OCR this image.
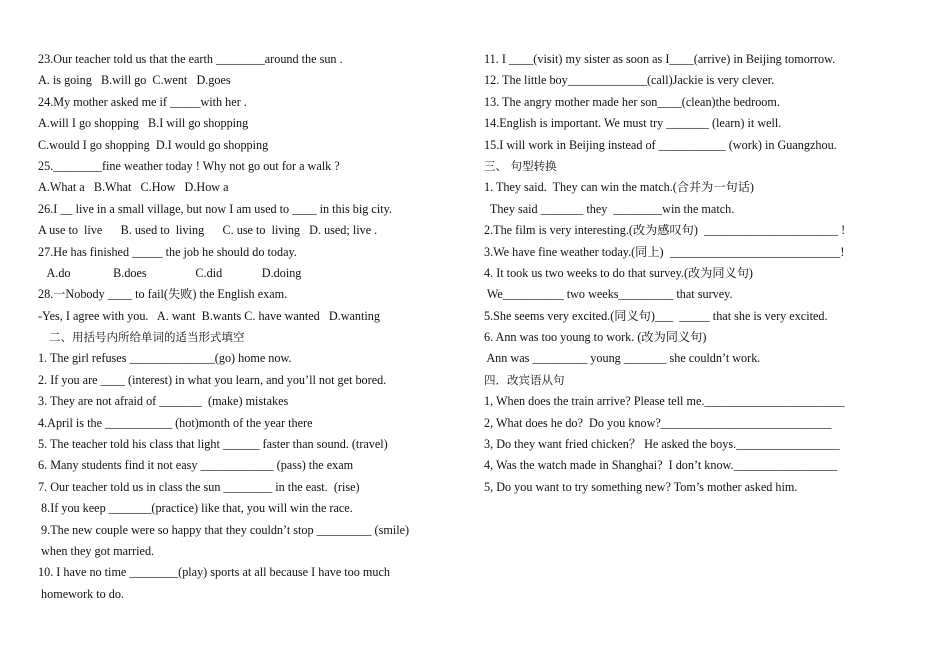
23.Our teacher told us that the earth ________around the sun .
A. is going   B.will go  C.went   D.goes
24.My mother asked me if _____with her .
A.will I go shopping   B.I will go shopping
C.would I go shopping  D.I would go shopping
25.________fine weather today ! Why not go out for a walk ?
A.What a   B.What   C.How   D.How a
26.I __ live in a small village, but now I am used to ____ in this big city.
A use to  live      B. used to  living      C. use to  living   D. used; live .
27.He has finished _____ the job he should do today.
A.do              B.does                C.did             D.doing
28.一Nobody ____ to fail(失败) the English exam.
-Yes, I agree with you.   A. want  B.wants C. have wanted   D.wanting
二、用括号内所给单词的适当形式填空
1. The girl refuses ______________(go) home now.
2. If you are ____ (interest) in what you learn, and you’ll not get bored.
3. They are not afraid of _______  (make) mistakes
4.April is the ___________ (hot)month of the year there
5. The teacher told his class that light ______ faster than sound. (travel)
6. Many students find it not easy ____________ (pass) the exam
7. Our teacher told us in class the sun ________ in the east.  (rise)
8.If you keep _______(practice) like that, you will win the race.
9.The new couple were so happy that they couldn’t stop _________ (smile)
when they got married.
10. I have no time ________(play) sports at all because I have too much
homework to do.
11. I ____(visit) my sister as soon as I____(arrive) in Beijing tomorrow.
12. The little boy_____________(call)Jackie is very clever.
13. The angry mother made her son____(clean)the bedroom.
14.English is important. We must try _______ (learn) it well.
15.I will work in Beijing instead of ___________ (work) in Guangzhou.
三、 句型转换
1. They said.  They can win the match.(合并为一句话)
They said _______ they  ________win the match.
2.The film is very interesting.(改为感叹句)  ______________________ !
3.We have fine weather today.(同上)  ____________________________!
4. It took us two weeks to do that survey.(改为同义句)
We__________ two weeks_________ that survey.
5.She seems very excited.(同义句)___  _____ that she is very excited.
6. Ann was too young to work. (改为同义句)
Ann was _________ young _______ she couldn’t work.
四．改宾语从句
1, When does the train arrive? Please tell me._______________________
2, What does he do?  Do you know?____________________________
3, Do they want fried chicken？ He asked the boys._________________
4, Was the watch made in Shanghai?  I don’t know._________________
5, Do you want to try something new? Tom’s mother asked him.
